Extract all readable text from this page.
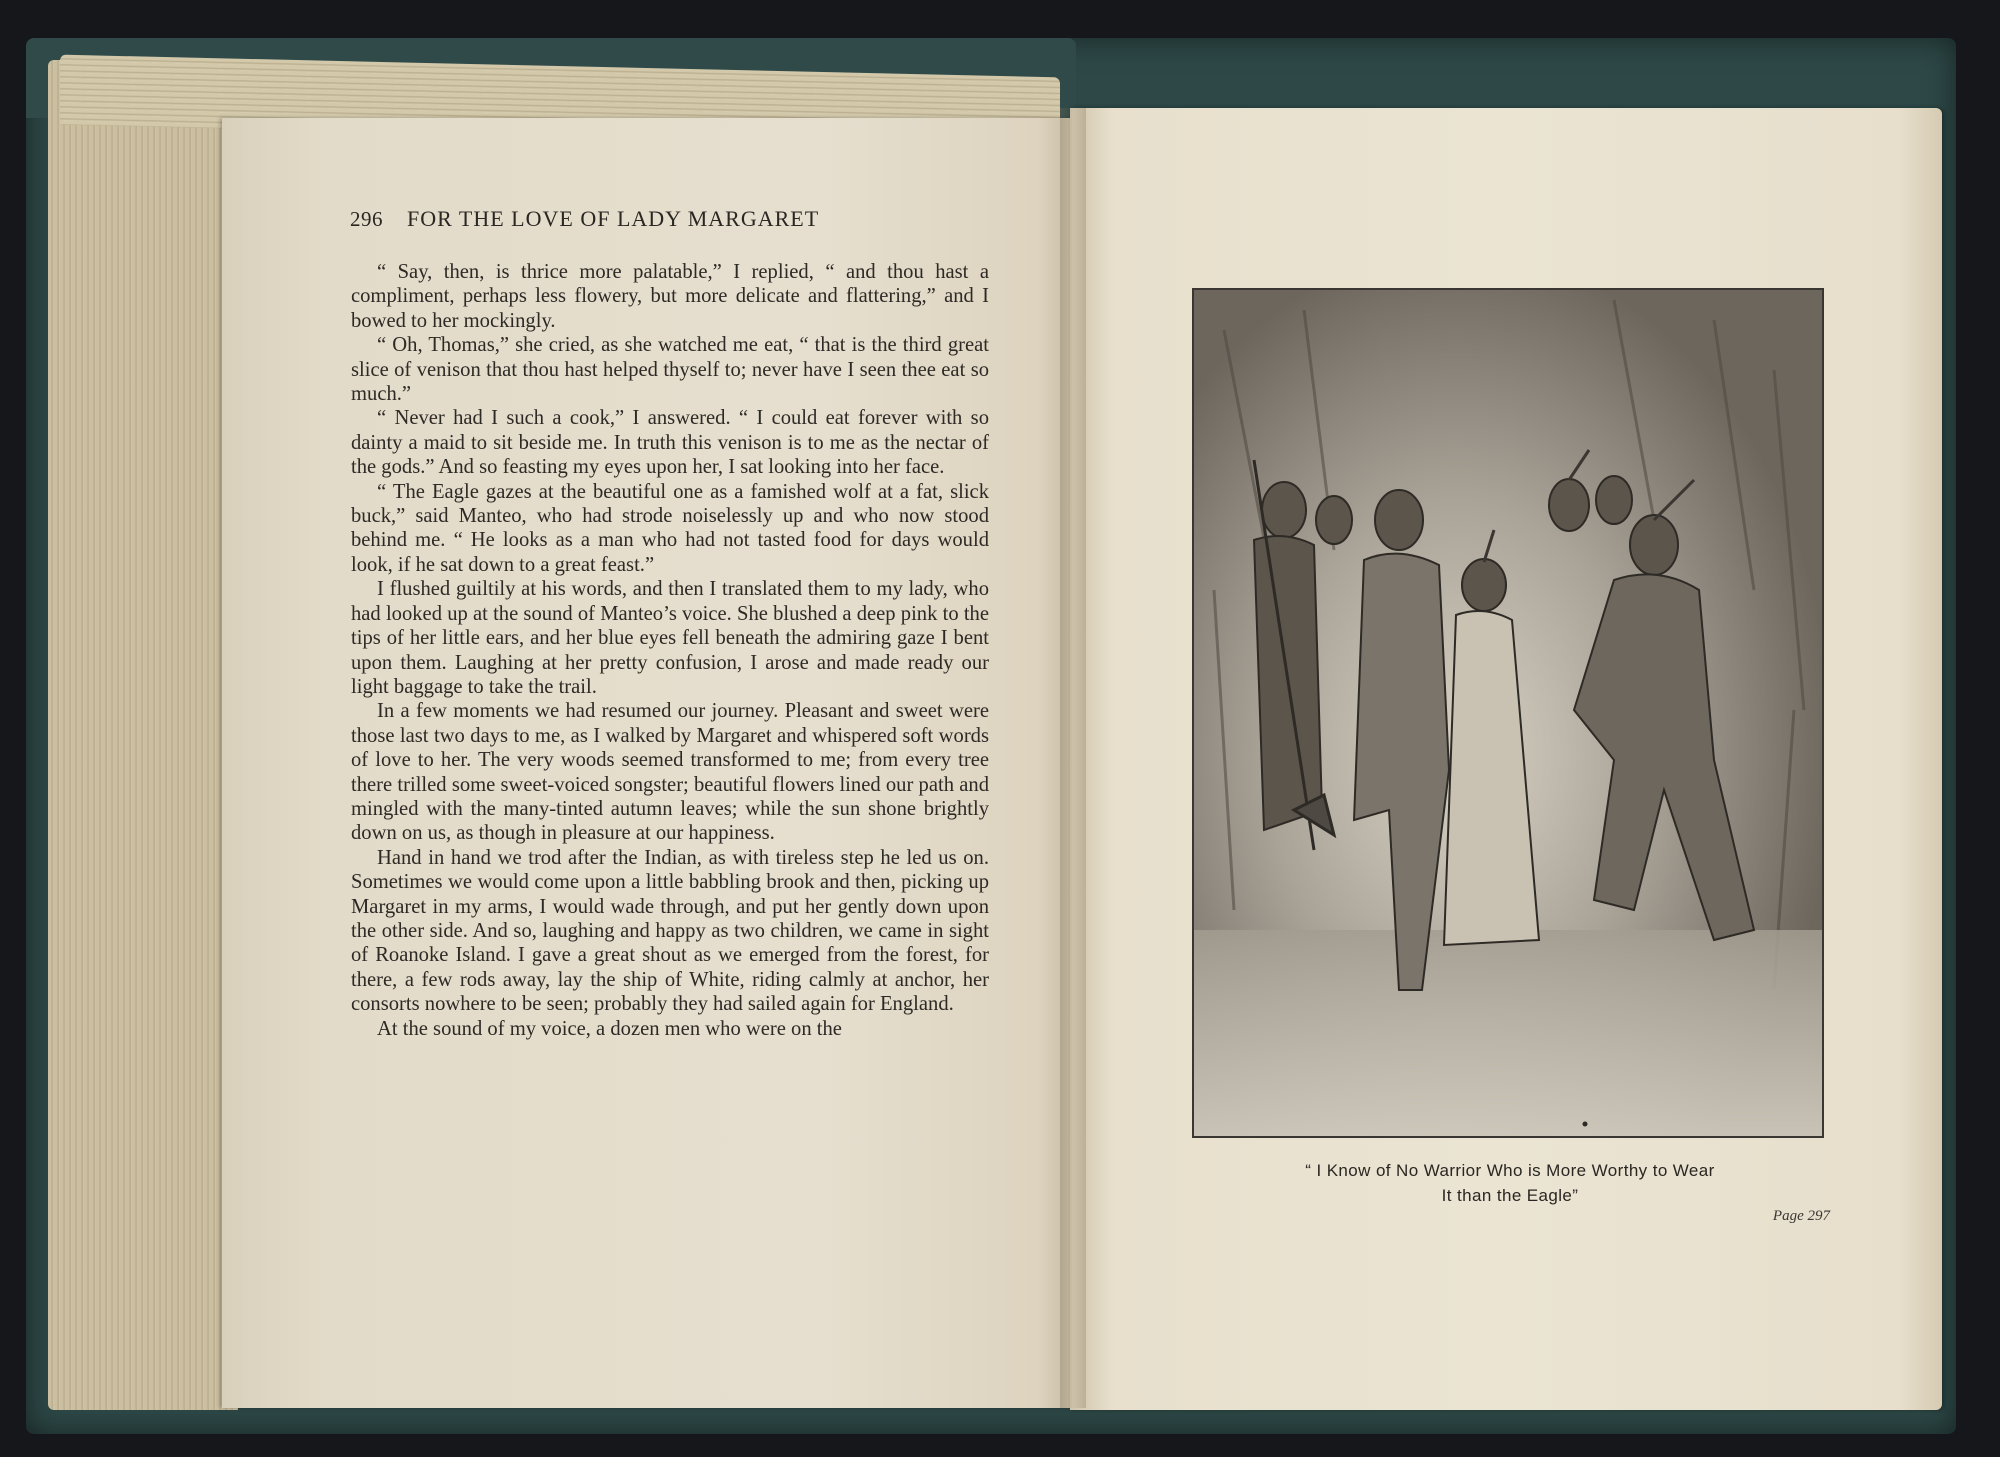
296 FOR THE LOVE OF LADY MARGARET

“ Say, then, is thrice more palatable,” I replied, “ and thou hast a compliment, perhaps less flowery, but more delicate and flattering,” and I bowed to her mockingly.

“ Oh, Thomas,” she cried, as she watched me eat, “ that is the third great slice of venison that thou hast helped thyself to; never have I seen thee eat so much.”

“ Never had I such a cook,” I answered. “ I could eat forever with so dainty a maid to sit beside me. In truth this venison is to me as the nectar of the gods.” And so feasting my eyes upon her, I sat looking into her face.

“ The Eagle gazes at the beautiful one as a famished wolf at a fat, slick buck,” said Manteo, who had strode noiselessly up and who now stood behind me. “ He looks as a man who had not tasted food for days would look, if he sat down to a great feast.”

I flushed guiltily at his words, and then I translated them to my lady, who had looked up at the sound of Manteo’s voice. She blushed a deep pink to the tips of her little ears, and her blue eyes fell beneath the admiring gaze I bent upon them. Laughing at her pretty confusion, I arose and made ready our light baggage to take the trail.

In a few moments we had resumed our journey. Pleasant and sweet were those last two days to me, as I walked by Margaret and whispered soft words of love to her. The very woods seemed transformed to me; from every tree there trilled some sweet-voiced songster; beautiful flowers lined our path and mingled with the many-tinted autumn leaves; while the sun shone brightly down on us, as though in pleasure at our happiness.

Hand in hand we trod after the Indian, as with tireless step he led us on. Sometimes we would come upon a little babbling brook and then, picking up Margaret in my arms, I would wade through, and put her gently down upon the other side. And so, laughing and happy as two children, we came in sight of Roanoke Island. I gave a great shout as we emerged from the forest, for there, a few rods away, lay the ship of White, riding calmly at anchor, her consorts nowhere to be seen; probably they had sailed again for England.

At the sound of my voice, a dozen men who were on the

“ I Know of No Warrior Who is More Worthy to Wear
It than the Eagle”
Page 297
